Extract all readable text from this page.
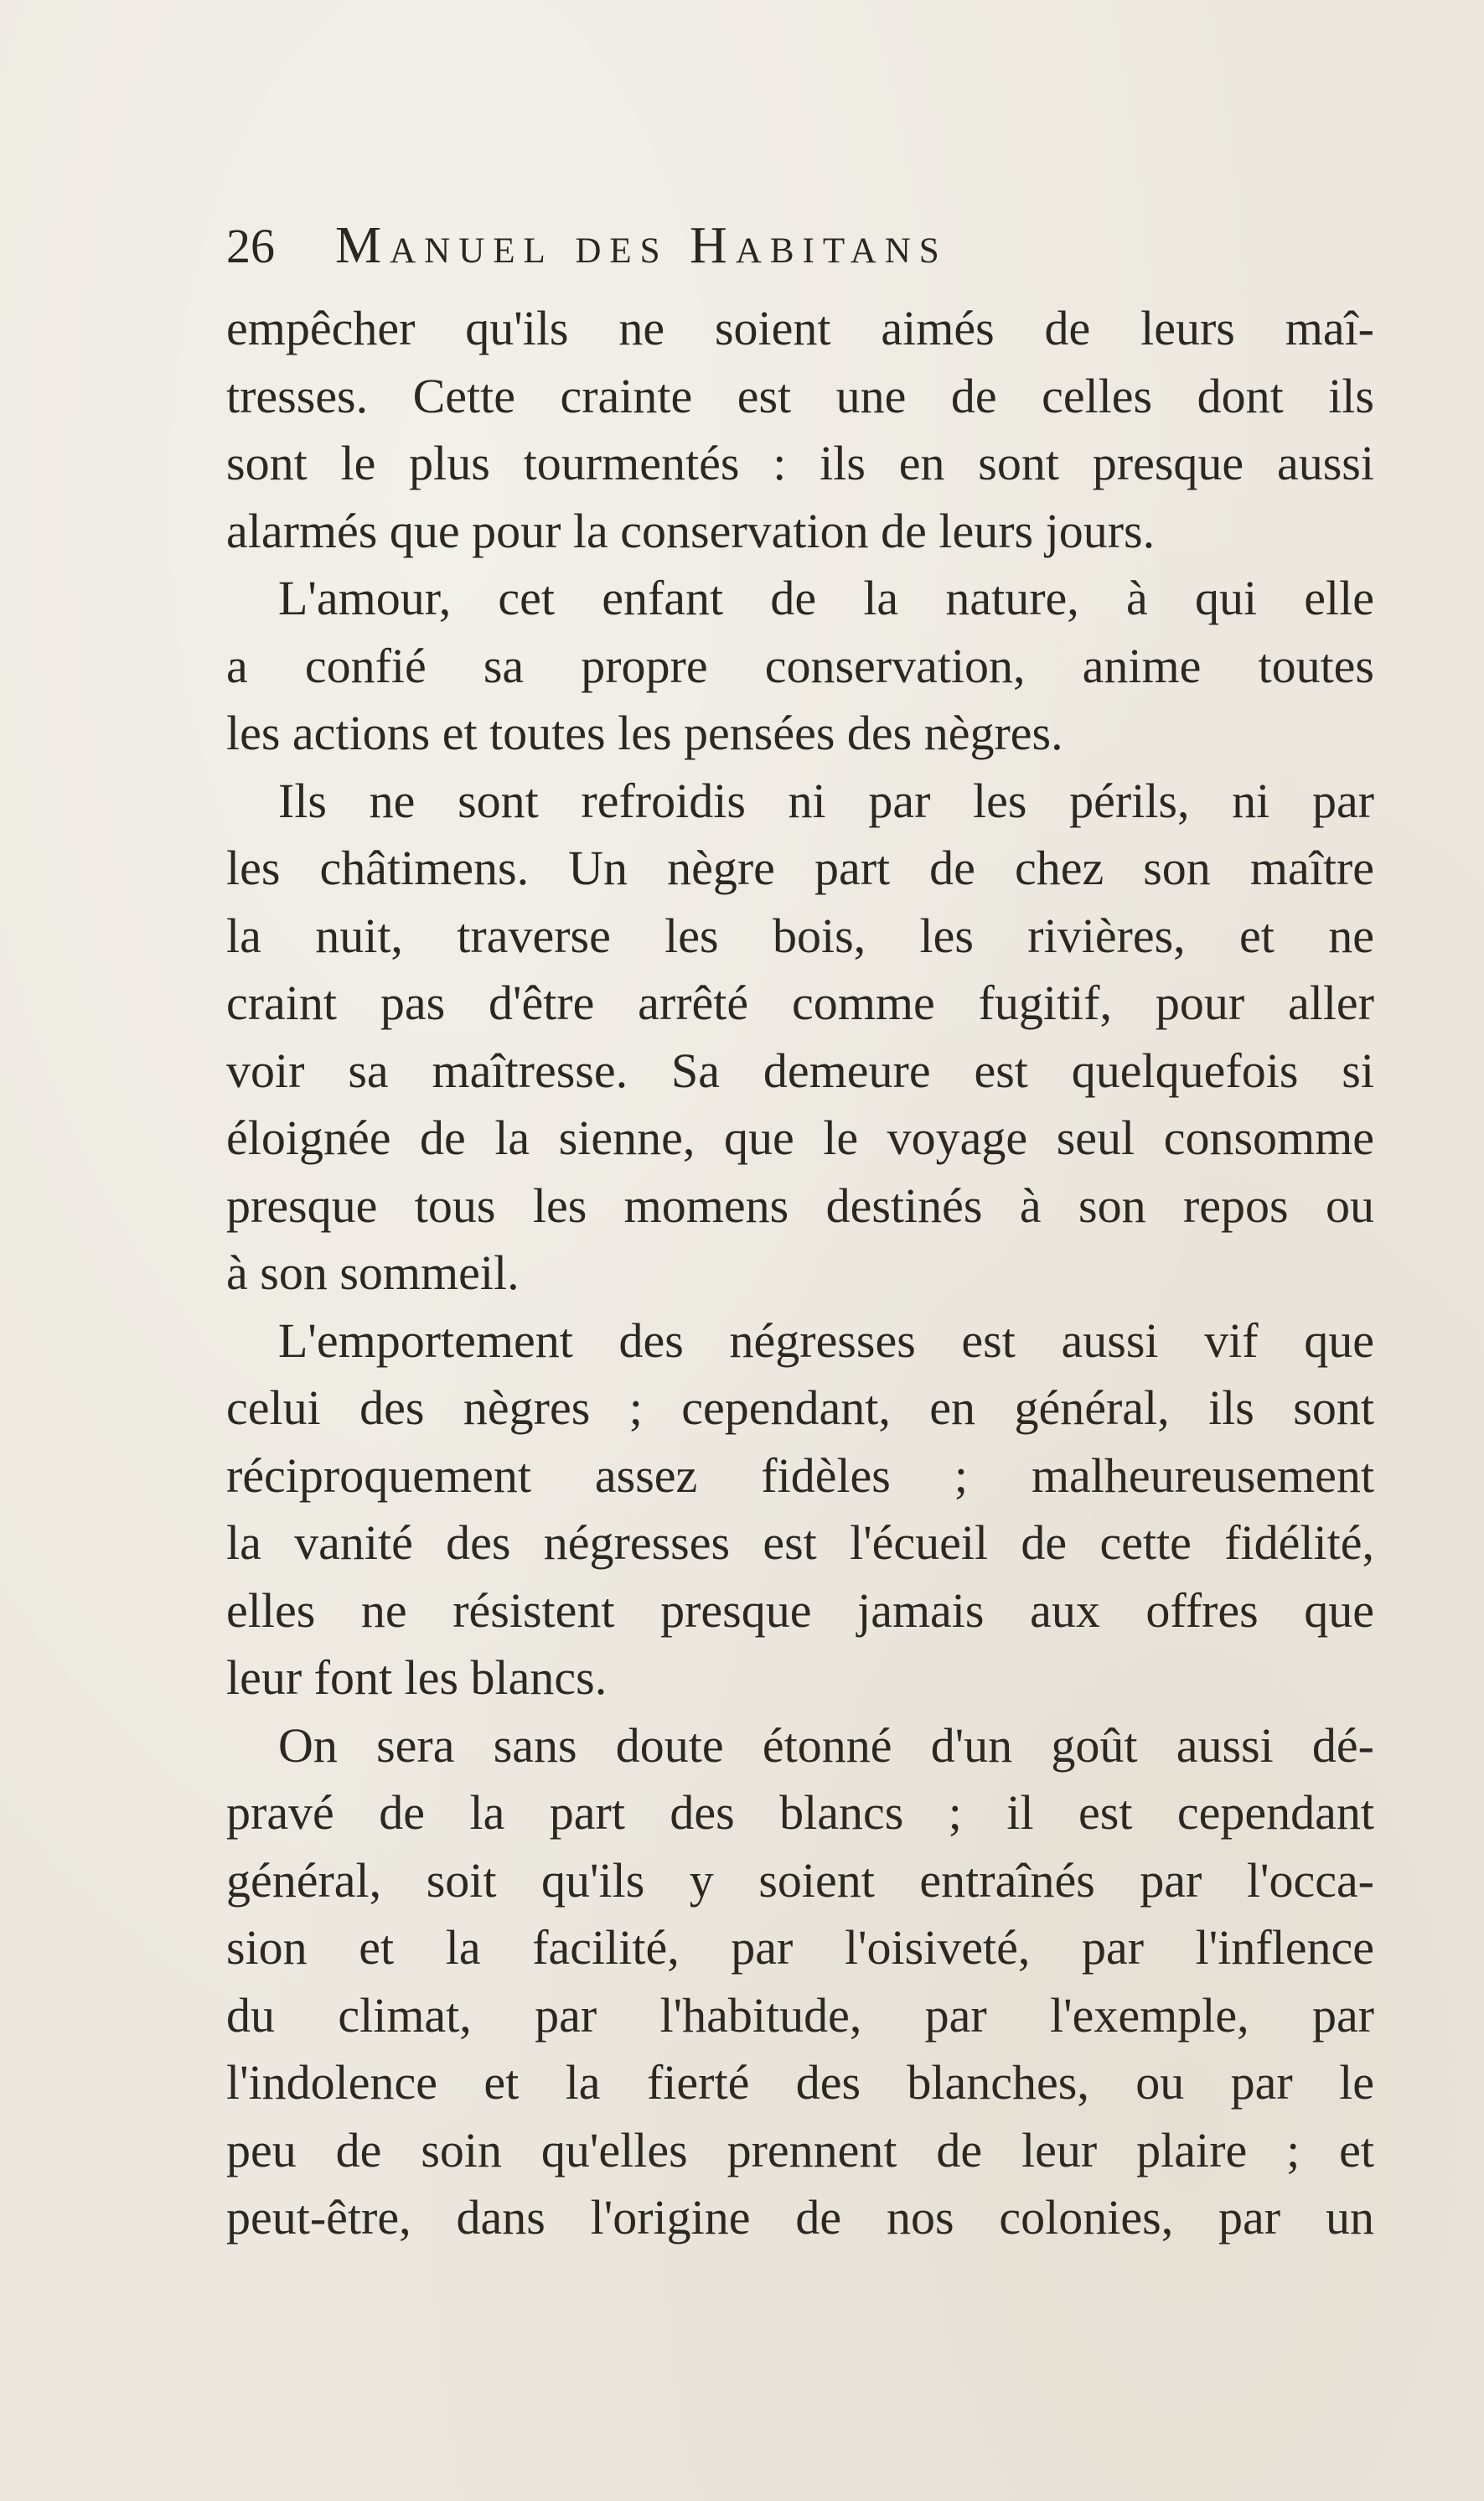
26	Manuel des Habitans
empêcher qu'ils ne soient aimés de leurs maî-
tresses. Cette crainte est une de celles dont ils
sont le plus tourmentés : ils en sont presque aussi
alarmés que pour la conservation de leurs jours.
L'amour, cet enfant de la nature, à qui elle
a confié sa propre conservation, anime toutes
les actions et toutes les pensées des nègres.
Ils ne sont refroidis ni par les périls, ni par
les châtimens. Un nègre part de chez son maître
la nuit, traverse les bois, les rivières, et ne
craint pas d'être arrêté comme fugitif, pour aller
voir sa maîtresse. Sa demeure est quelquefois si
éloignée de la sienne, que le voyage seul consomme
presque tous les momens destinés à son repos ou
à son sommeil.
L'emportement des négresses est aussi vif que
celui des nègres ; cependant, en général, ils sont
réciproquement assez fidèles ; malheureusement
la vanité des négresses est l'écueil de cette fidélité,
elles ne résistent presque jamais aux offres que
leur font les blancs.
On sera sans doute étonné d'un goût aussi dé-
pravé de la part des blancs ; il est cependant
général, soit qu'ils y soient entraînés par l'occa-
sion et la facilité, par l'oisiveté, par l'inflence
du climat, par l'habitude, par l'exemple, par
l'indolence et la fierté des blanches, ou par le
peu de soin qu'elles prennent de leur plaire ; et
peut-être, dans l'origine de nos colonies, par un
